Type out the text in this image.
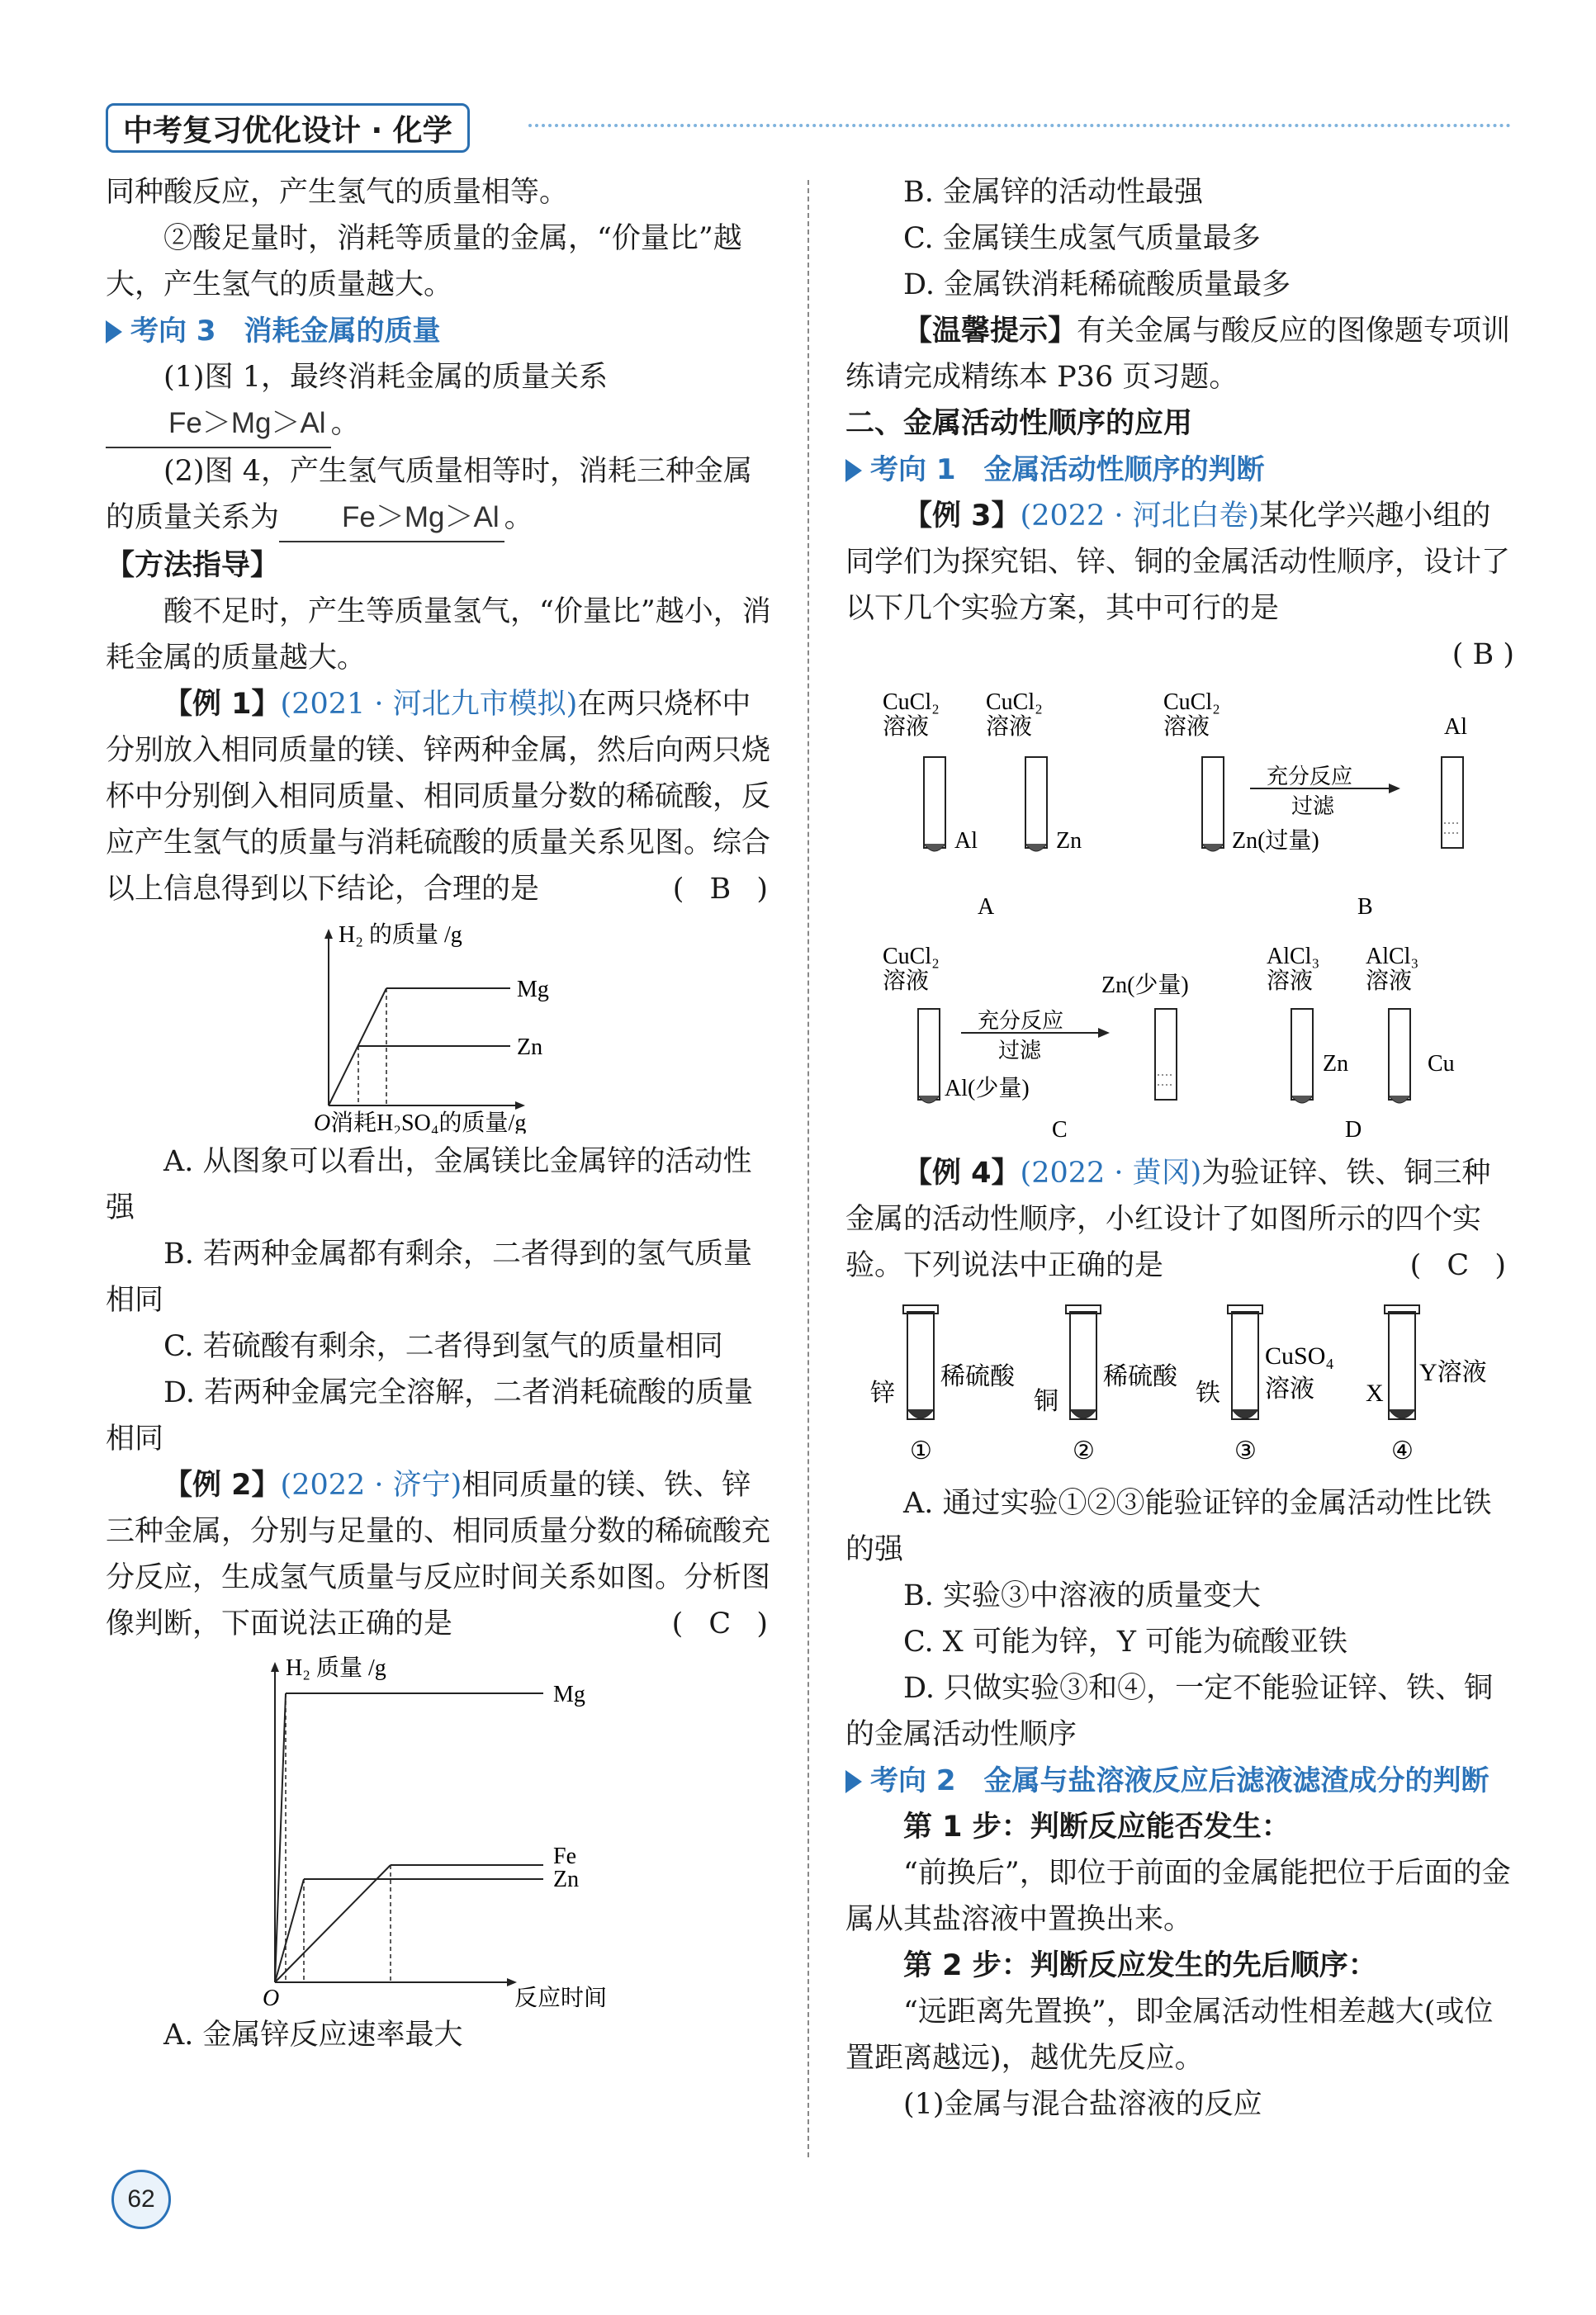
中考复习优化设计 · 化学

同种酸反应，产生氢气的质量相等。

②酸足量时，消耗等质量的金属，“价量比”越大，产生氢气的质量越大。

考向 3　消耗金属的质量

(1)图 1，最终消耗金属的质量关系Fe＞Mg＞Al 。

(2)图 4，产生氢气质量相等时，消耗三种金属的质量关系为 Fe＞Mg＞Al 。

【方法指导】

酸不足时，产生等质量氢气，“价量比”越小，消耗金属的质量越大。

【例 1】(2021 · 河北九市模拟)在两只烧杯中分别放入相同质量的镁、锌两种金属，然后向两只烧杯中分别倒入相同质量、相同质量分数的稀硫酸，反应产生氢气的质量与消耗硫酸的质量关系见图。综合以上信息得到以下结论，合理的是	( B )

H₂ 的质量 /g
Mg
Zn
O 消耗H₂SO₄的质量/g

A. 从图象可以看出，金属镁比金属锌的活动性强

B. 若两种金属都有剩余，二者得到的氢气质量相同

C. 若硫酸有剩余，二者得到氢气的质量相同

D. 若两种金属完全溶解，二者消耗硫酸的质量相同

【例 2】(2022 · 济宁)相同质量的镁、铁、锌三种金属，分别与足量的、相同质量分数的稀硫酸充分反应，生成氢气质量与反应时间关系如图。分析图像判断，下面说法正确的是	( C )

H₂ 质量 /g
Mg
Fe
Zn
O	反应时间

A. 金属锌反应速率最大

B. 金属锌的活动性最强

C. 金属镁生成氢气质量最多

D. 金属铁消耗稀硫酸质量最多

【温馨提示】有关金属与酸反应的图像题专项训练请完成精练本 P36 页习题。

二、金属活动性顺序的应用

考向 1　金属活动性顺序的判断

【例 3】(2022 · 河北白卷)某化学兴趣小组的同学们为探究铝、锌、铜的金属活动性顺序，设计了以下几个实验方案，其中可行的是

( B )

CuCl₂
溶液
Al
CuCl₂
溶液
Zn
A
CuCl₂
溶液
Zn(过量)
充分反应
过滤
Al
B
CuCl₂
溶液
Al(少量)
充分反应
过滤
Zn(少量)
C
AlCl₃
溶液
Zn
AlCl₃
溶液
Cu
D

【例 4】(2022 · 黄冈)为验证锌、铁、铜三种金属的活动性顺序，小红设计了如图所示的四个实验。下列说法中正确的是	( C )

锌
稀硫酸
①
铜
稀硫酸
②
铁
CuSO₄
溶液
③
X
Y溶液
④

A. 通过实验①②③能验证锌的金属活动性比铁的强

B. 实验③中溶液的质量变大

C. X 可能为锌，Y 可能为硫酸亚铁

D. 只做实验③和④，一定不能验证锌、铁、铜的金属活动性顺序

考向 2　金属与盐溶液反应后滤液滤渣成分的判断

第 1 步：判断反应能否发生：

“前换后”，即位于前面的金属能把位于后面的金属从其盐溶液中置换出来。

第 2 步：判断反应发生的先后顺序：

“远距离先置换”，即金属活动性相差越大(或位置距离越远)，越优先反应。

(1)金属与混合盐溶液的反应

62
